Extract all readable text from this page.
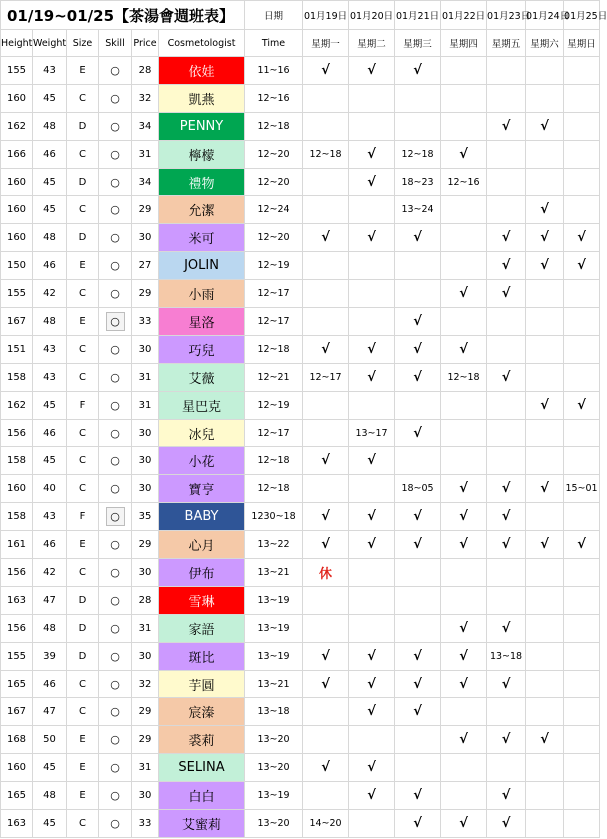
01/19~01/25【茶湯會週班表】						日期	01月19日	01月20日	01月21日	01月22日	01月23日	01月24日	01月25日
Height	Weight	Size	Skill	Price	Cosmetologist	Time	星期一	星期二	星期三	星期四	星期五	星期六	星期日
155	43	E	○	28	依娃	11~16	√	√	√				
160	45	C	○	32	凱燕	12~16							
162	48	D	○	34	PENNY	12~18					√	√	
166	46	C	○	31	檸檬	12~20	12~18	√	12~18	√			
160	45	D	○	34	禮物	12~20		√	18~23	12~16			
160	45	C	○	29	允潔	12~24			13~24			√	
160	48	D	○	30	米可	12~20	√	√	√		√	√	√
150	46	E	○	27	JOLIN	12~19					√	√	√
155	42	C	○	29	小雨	12~17				√	√		
167	48	E	○	33	星洛	12~17			√				
151	43	C	○	30	巧兒	12~18	√	√	√	√			
158	43	C	○	31	艾薇	12~21	12~17	√	√	12~18	√		
162	45	F	○	31	星巴克	12~19						√	√
156	46	C	○	30	冰兒	12~17		13~17	√				
158	45	C	○	30	小花	12~18	√	√					
160	40	C	○	30	寶亨	12~18			18~05	√	√	√	15~01
158	43	F	○	35	BABY	1230~18	√	√	√	√	√		
161	46	E	○	29	心月	13~22	√	√	√	√	√	√	√
156	42	C	○	30	伊布	13~21	休						
163	47	D	○	28	雪琳	13~19							
156	48	D	○	31	家語	13~19				√	√		
155	39	D	○	30	斑比	13~19	√	√	√	√	13~18		
165	46	C	○	32	芋圓	13~21	√	√	√	√	√		
167	47	C	○	29	宸溱	13~18		√	√				
168	50	E	○	29	裘莉	13~20				√	√	√	
160	45	E	○	31	SELINA	13~20	√	√					
165	48	E	○	30	白白	13~19		√	√		√		
163	45	C	○	33	艾蜜莉	13~20	14~20		√	√	√		
